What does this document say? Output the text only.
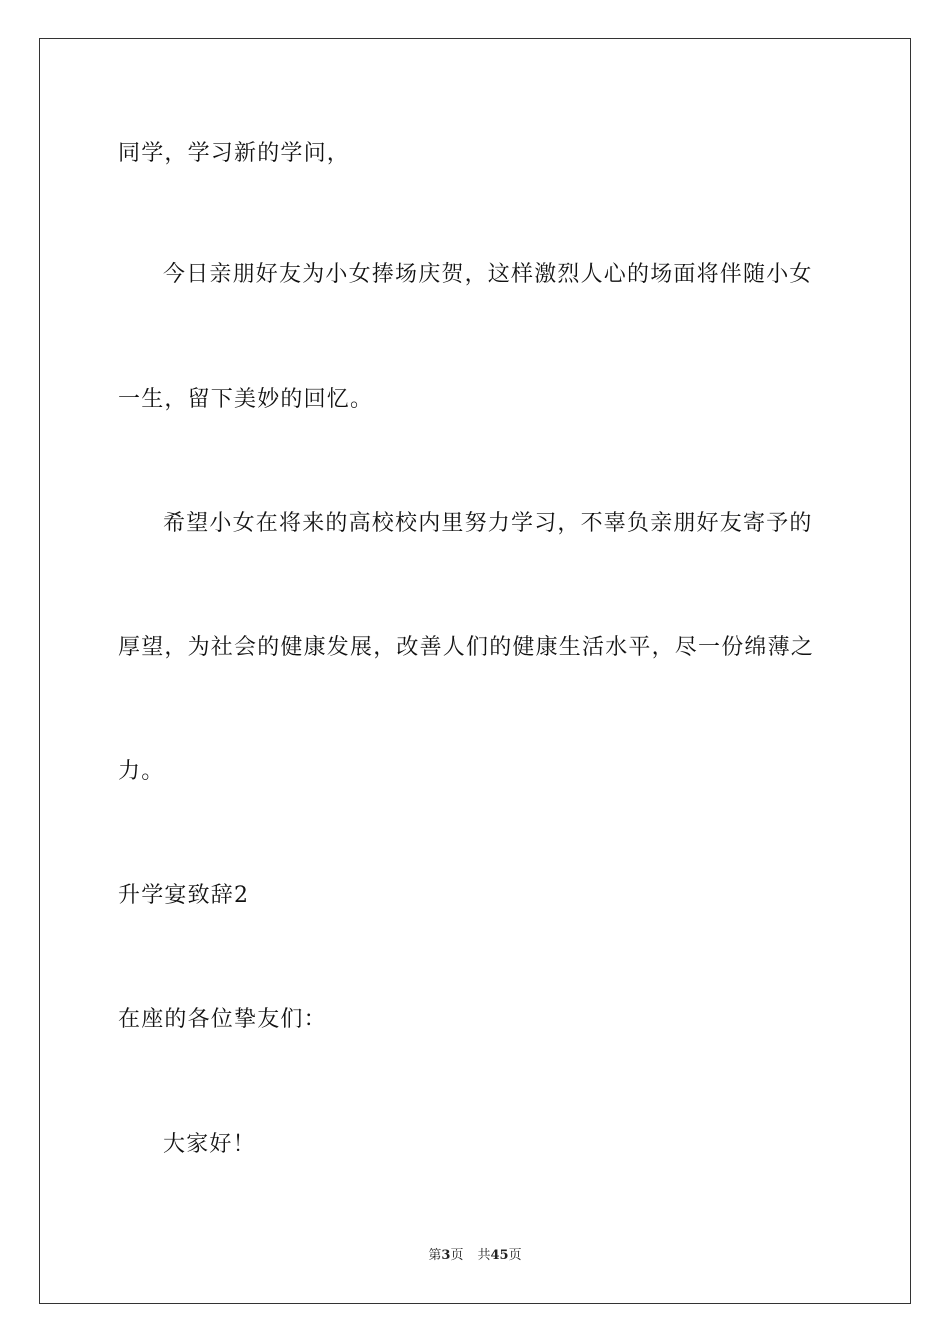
同学，学习新的学问，
今日亲朋好友为小女捧场庆贺，这样激烈人心的场面将伴随小女
一生，留下美妙的回忆。
希望小女在将来的高校校内里努力学习，不辜负亲朋好友寄予的
厚望，为社会的健康发展，改善人们的健康生活水平，尽一份绵薄之
力。
升学宴致辞2
在座的各位挚友们：
大家好！
第3页 共45页
